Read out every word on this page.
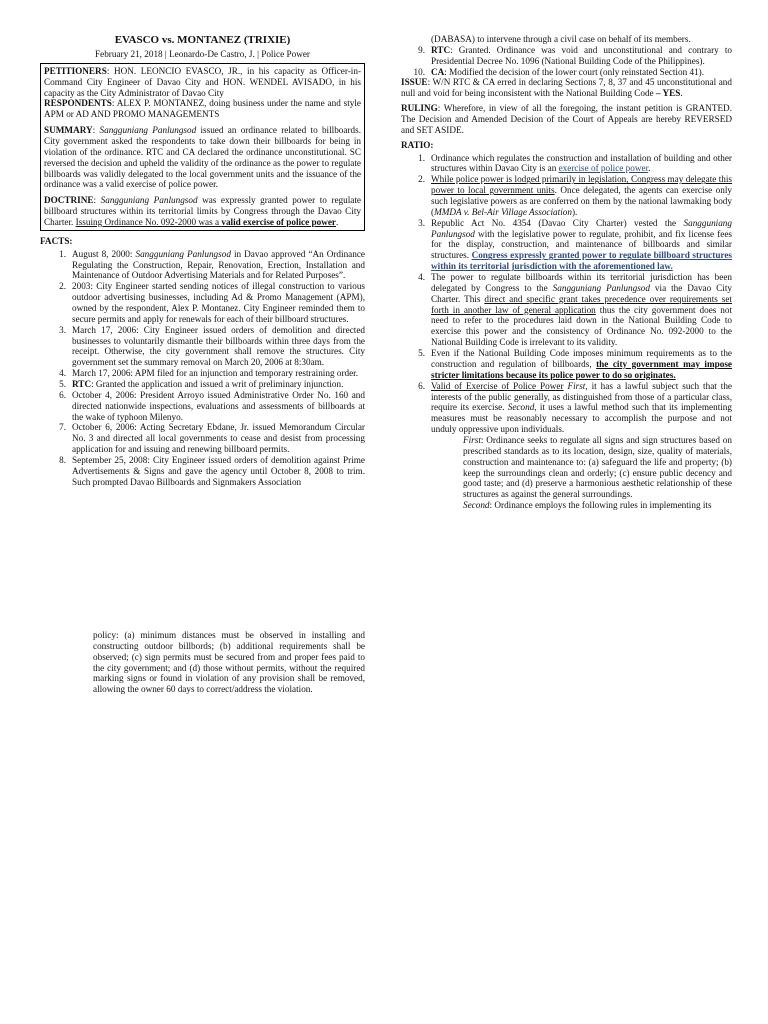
EVASCO vs. MONTANEZ (TRIXIE)

February 21, 2018 | Leonardo-De Castro, J. | Police Power

PETITIONERS: HON. LEONCIO EVASCO, JR., in his capacity as Officer-in-Command City Engineer of Davao City and HON. WENDEL AVISADO, in his capacity as the City Administrator of Davao City

RESPONDENTS: ALEX P. MONTANEZ, doing business under the name and style APM or AD AND PROMO MANAGEMENTS

SUMMARY: Sangguniang Panlungsod issued an ordinance related to billboards. City government asked the respondents to take down their billboards for being in violation of the ordinance. RTC and CA declared the ordinance unconstitutional. SC reversed the decision and upheld the validity of the ordinance as the power to regulate billboards was validly delegated to the local government units and the issuance of the ordinance was a valid exercise of police power.

DOCTRINE: Sangguniang Panlungsod was expressly granted power to regulate billboard structures within its territorial limits by Congress through the Davao City Charter. Issuing Ordinance No. 092-2000 was a valid exercise of police power.

FACTS:

1. August 8, 2000: Sangguniang Panlungsod in Davao approved “An Ordinance Regulating the Construction, Repair, Renovation, Erection, Installation and Maintenance of Outdoor Advertising Materials and for Related Purposes”.
2. 2003: City Engineer started sending notices of illegal construction to various outdoor advertising businesses, including Ad & Promo Management (APM), owned by the respondent, Alex P. Montanez. City Engineer reminded them to secure permits and apply for renewals for each of their billboard structures.
3. March 17, 2006: City Engineer issued orders of demolition and directed businesses to voluntarily dismantle their billboards within three days from the receipt. Otherwise, the city government shall remove the structures. City government set the summary removal on March 20, 2006 at 8:30am.
4. March 17, 2006: APM filed for an injunction and temporary restraining order.
5. RTC: Granted the application and issued a writ of preliminary injunction.
6. October 4, 2006: President Arroyo issued Administrative Order No. 160 and directed nationwide inspections, evaluations and assessments of billboards at the wake of typhoon Milenyo.
7. October 6, 2006: Acting Secretary Ebdane, Jr. issued Memorandum Circular No. 3 and directed all local governments to cease and desist from processing application for and issuing and renewing billboard permits.
8. September 25, 2008: City Engineer issued orders of demolition against Prime Advertisements & Signs and gave the agency until October 8, 2008 to trim. Such prompted Davao Billboards and Signmakers Association
(DABASA) to intervene through a civil case on behalf of its members.
9. RTC: Granted. Ordinance was void and unconstitutional and contrary to Presidential Decree No. 1096 (National Building Code of the Philippines).
10. CA: Modified the decision of the lower court (only reinstated Section 41).

ISSUE: W/N RTC & CA erred in declaring Sections 7, 8, 37 and 45 unconstitutional and null and void for being inconsistent with the National Building Code – YES.

RULING: Wherefore, in view of all the foregoing, the instant petition is GRANTED. The Decision and Amended Decision of the Court of Appeals are hereby REVERSED and SET ASIDE.

RATIO:

1. Ordinance which regulates the construction and installation of building and other structures within Davao City is an exercise of police power.
2. While police power is lodged primarily in legislation, Congress may delegate this power to local government units. Once delegated, the agents can exercise only such legislative powers as are conferred on them by the national lawmaking body (MMDA v. Bel-Air Village Association).
3. Republic Act No. 4354 (Davao City Charter) vested the Sangguniang Panlungsod with the legislative power to regulate, prohibit, and fix license fees for the display, construction, and maintenance of billboards and similar structures. Congress expressly granted power to regulate billboard structures within its territorial jurisdiction with the aforementioned law.
4. The power to regulate billboards within its territorial jurisdiction has been delegated by Congress to the Sangguniang Panlungsod via the Davao City Charter. This direct and specific grant takes precedence over requirements set forth in another law of general application thus the city government does not need to refer to the procedures laid down in the National Building Code to exercise this power and the consistency of Ordinance No. 092-2000 to the National Building Code is irrelevant to its validity.
5. Even if the National Building Code imposes minimum requirements as to the construction and regulation of billboards, the city government may impose stricter limitations because its police power to do so originates.
6. Valid of Exercise of Police Power First, it has a lawful subject such that the interests of the public generally, as distinguished from those of a particular class, require its exercise. Second, it uses a lawful method such that its implementing measures must be reasonably necessary to accomplish the purpose and not unduly oppressive upon individuals.

First: Ordinance seeks to regulate all signs and sign structures based on prescribed standards as to its location, design, size, quality of materials, construction and maintenance to: (a) safeguard the life and property; (b) keep the surroundings clean and orderly; (c) ensure public decency and good taste; and (d) preserve a harmonious aesthetic relationship of these structures as against the general surroundings.

Second: Ordinance employs the following rules in implementing its

policy: (a) minimum distances must be observed in installing and constructing outdoor billbords; (b) additional requirements shall be observed; (c) sign permits must be secured from and proper fees paid to the city government; and (d) those without permits, without the required marking signs or found in violation of any provision shall be removed, allowing the owner 60 days to correct/address the violation.
